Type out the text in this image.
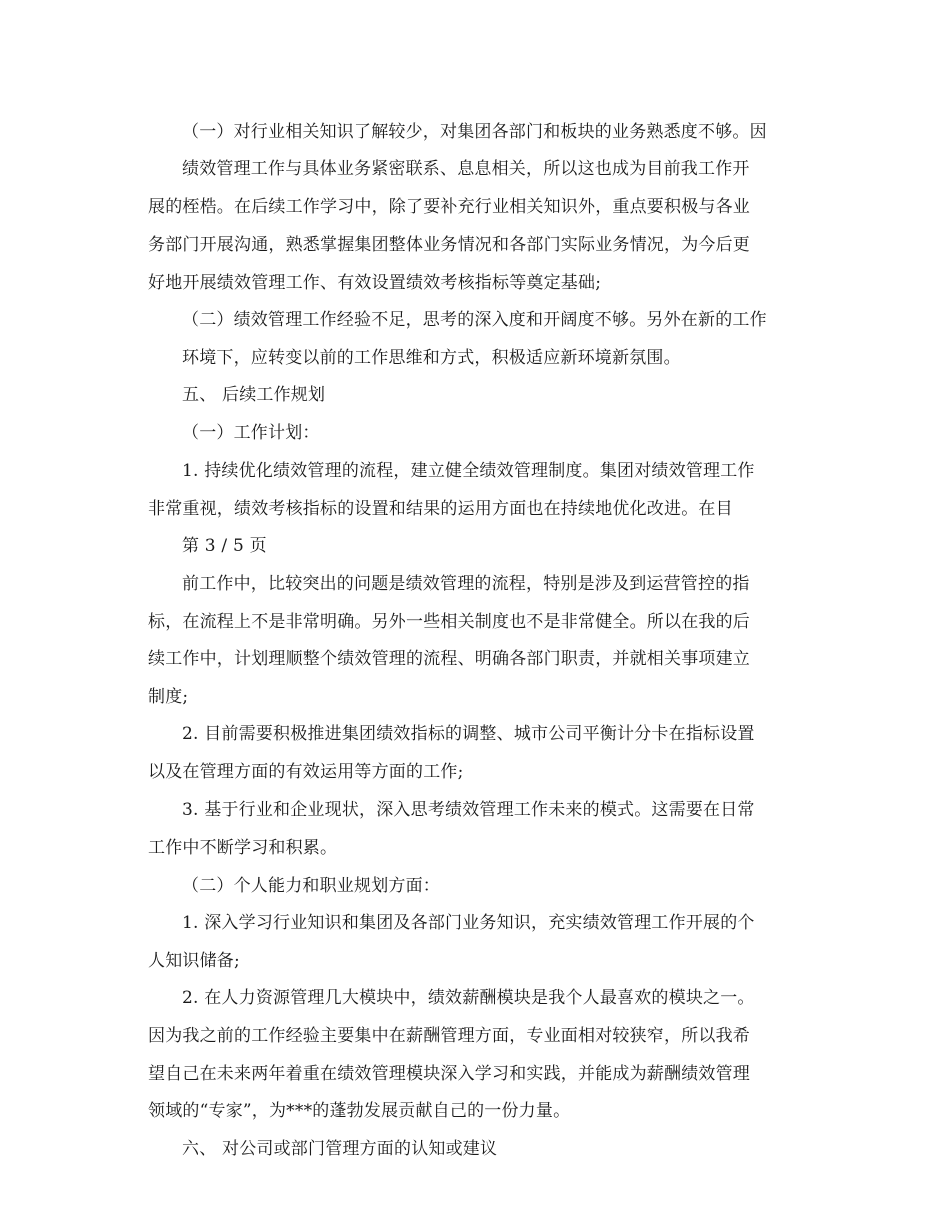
（一）对行业相关知识了解较少，对集团各部门和板块的业务熟悉度不够。因
绩效管理工作与具体业务紧密联系、息息相关，所以这也成为目前我工作开
展的桎梏。在后续工作学习中，除了要补充行业相关知识外，重点要积极与各业
务部门开展沟通，熟悉掌握集团整体业务情况和各部门实际业务情况，为今后更
好地开展绩效管理工作、有效设置绩效考核指标等奠定基础;
（二）绩效管理工作经验不足，思考的深入度和开阔度不够。另外在新的工作
环境下，应转变以前的工作思维和方式，积极适应新环境新氛围。
五、 后续工作规划
（一）工作计划：
1. 持续优化绩效管理的流程，建立健全绩效管理制度。集团对绩效管理工作
非常重视，绩效考核指标的设置和结果的运用方面也在持续地优化改进。在目
第 3 / 5 页
前工作中，比较突出的问题是绩效管理的流程，特别是涉及到运营管控的指
标，在流程上不是非常明确。另外一些相关制度也不是非常健全。所以在我的后
续工作中，计划理顺整个绩效管理的流程、明确各部门职责，并就相关事项建立
制度;
2. 目前需要积极推进集团绩效指标的调整、城市公司平衡计分卡在指标设置
以及在管理方面的有效运用等方面的工作;
3. 基于行业和企业现状，深入思考绩效管理工作未来的模式。这需要在日常
工作中不断学习和积累。
（二）个人能力和职业规划方面：
1. 深入学习行业知识和集团及各部门业务知识，充实绩效管理工作开展的个
人知识储备;
2. 在人力资源管理几大模块中，绩效薪酬模块是我个人最喜欢的模块之一。
因为我之前的工作经验主要集中在薪酬管理方面，专业面相对较狭窄，所以我希
望自己在未来两年着重在绩效管理模块深入学习和实践，并能成为薪酬绩效管理
领域的“专家”，为***的蓬勃发展贡献自己的一份力量。
六、 对公司或部门管理方面的认知或建议
